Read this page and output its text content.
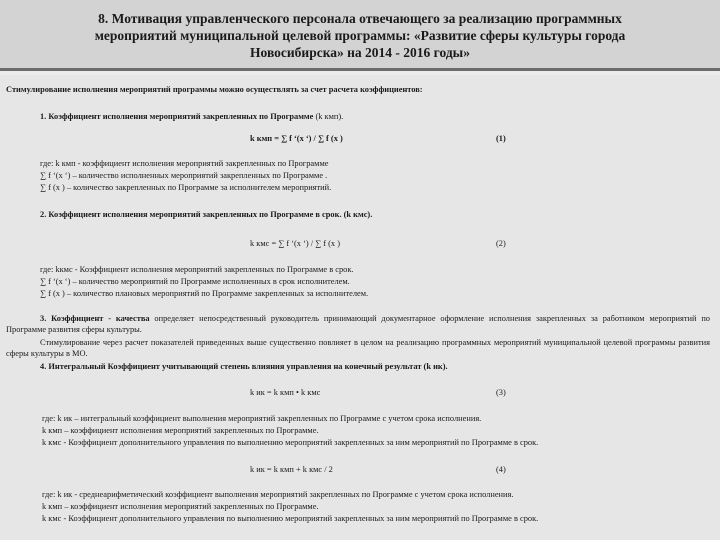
8. Мотивация управленческого персонала отвечающего за реализацию программных
мероприятий муниципальной целевой программы: «Развитие сферы культуры города
Новосибирска» на 2014 - 2016 годы»
Стимулирование исполнения мероприятий программы можно осуществлять за счет расчета коэффициентов:
1. Коэффициент исполнения мероприятий закрепленных по Программе (k кмп).
k кмп = ∑ f ‘(х ‘) / ∑ f (х )	(1)
где: k кмп - коэффициент исполнения мероприятий закрепленных по Программе
∑ f ‘(х ‘) – количество исполненных мероприятий закрепленных по Программе .
∑ f (х ) – количество закрепленных по Программе за исполнителем мероприятий.
2. Коэффициент исполнения мероприятий закрепленных по Программе в срок. (k кмс).
k кмс = ∑ f ‘(х ‘) / ∑ f (х )	(2)
где: kкмс - Коэффициент исполнения мероприятий закрепленных по Программе в срок.
∑ f ‘(х ‘) – количество мероприятий по Программе исполненных в срок исполнителем.
∑ f (х ) – количество плановых мероприятий по Программе закрепленных за исполнителем.
3. Коэффициент - качества определяет непосредственный руководитель принимающий документарное оформление исполнения закрепленных за работником мероприятий по Программе развития сферы культуры.
Стимулирование через расчет показателей приведенных выше существенно повлияет в целом на реализацию программных мероприятий муниципальной целевой программы развития сферы культуры в МО.
4. Интегральный Коэффициент учитывающий степень влияния управления на конечный результат (k ик).
k ик = k кмп • k кмс	(3)
где: k ик – интегральный коэффициент выполнения мероприятий закрепленных по Программе с учетом срока исполнения.
k кмп – коэффициент исполнения мероприятий закрепленных по Программе.
k кмс - Коэффициент дополнительного управления по выполнению мероприятий закрепленных за ним мероприятий по Программе в срок.
k ик = k кмп + k кмс / 2	(4)
где: k ик - среднеарифметический коэффициент выполнения мероприятий закрепленных по Программе с учетом срока исполнения.
k кмп – коэффициент исполнения мероприятий закрепленных по Программе.
k кмс - Коэффициент дополнительного управления по выполнению мероприятий закрепленных за ним мероприятий по Программе в срок.
